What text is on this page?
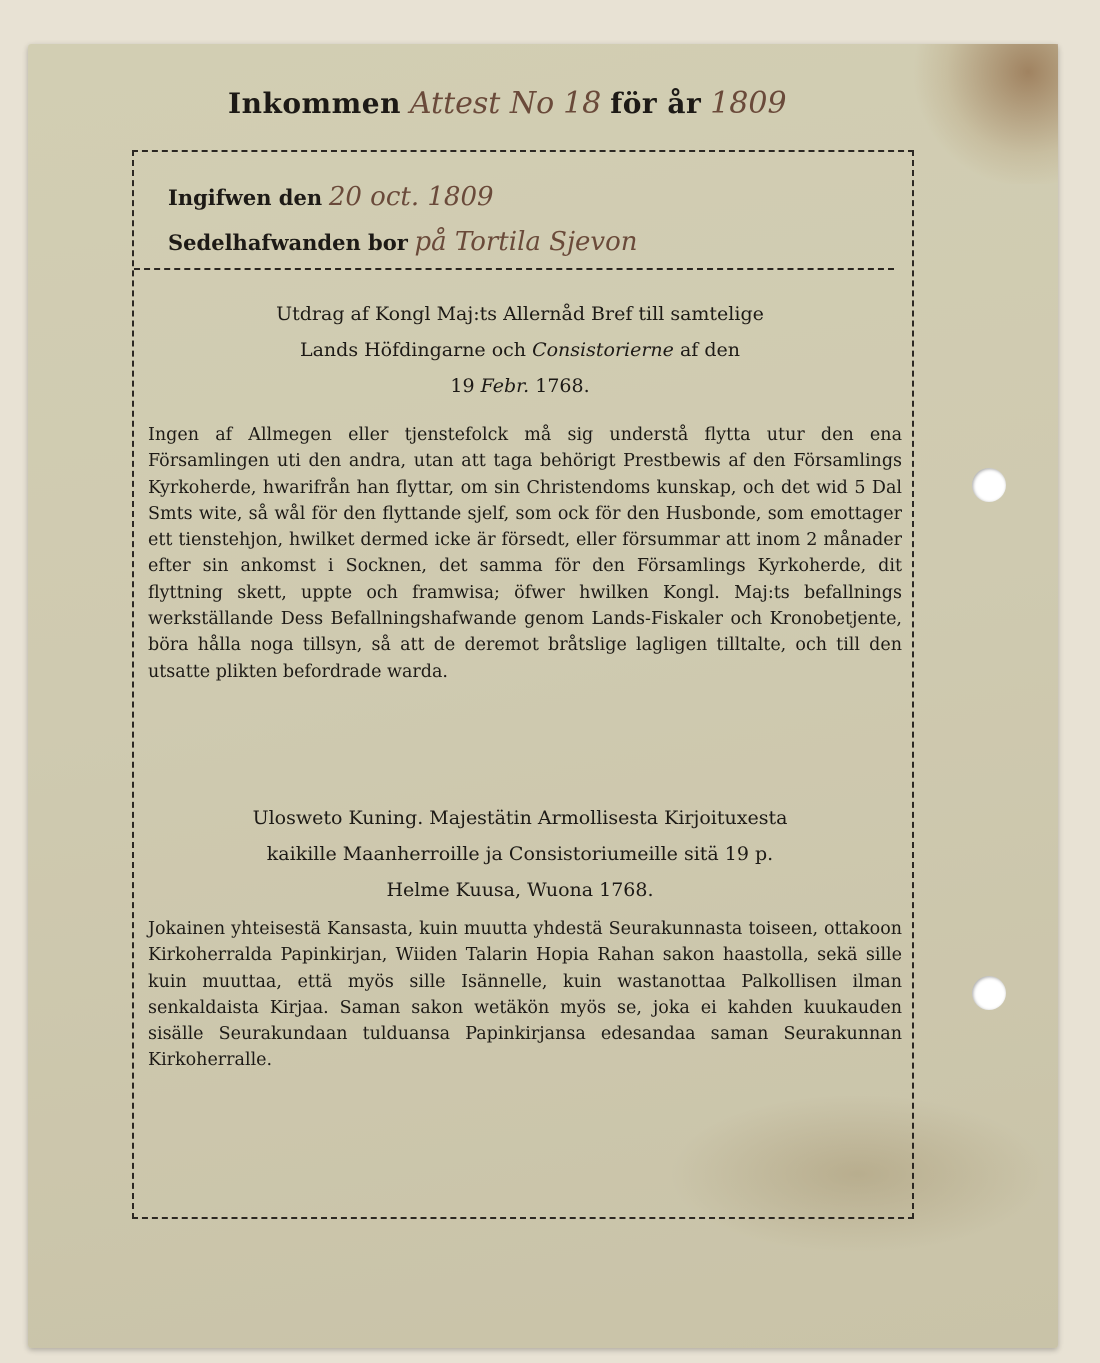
Inkommen Attest No 18 för år 1809
Ingifwen den 20 oct. 1809
Sedelhafwanden bor på Tortila Sjevon
Utdrag af Kongl Maj:ts Allernåd Bref till samtelige
Lands Höfdingarne och Consistorierne af den
19 Febr. 1768.

Ingen af Allmegen eller tjenstefolck må sig understå flytta utur den ena Församlingen uti den andra, utan att taga behörigt Prestbewis af den Församlings Kyrkoherde, hwarifrån han flyttar, om sin Christendoms kunskap, och det wid 5 Dal Smts wite, så wål för den flyttande sjelf, som ock för den Husbonde, som emottager ett tienstehjon, hwilket dermed icke är försedt, eller försummar att inom 2 månader efter sin ankomst i Socknen, det samma för den Församlings Kyrkoherde, dit flyttning skett, uppte och framwisa; öfwer hwilken Kongl. Maj:ts befallnings werkställande Dess Befallningshafwande genom Lands-Fiskaler och Kronobetjente, böra hålla noga tillsyn, så att de deremot bråtslige lagligen tilltalte, och till den utsatte plikten befordrade warda.

Ulosweto Kuning. Majestätin Armollisesta Kirjoituxesta
kaikille Maanherroille ja Consistoriumeille sitä 19 p.
Helme Kuusa, Wuona 1768.

Jokainen yhteisestä Kansasta, kuin muutta yhdestä Seurakunnasta toiseen, ottakoon Kirkoherralda Papinkirjan, Wiiden Talarin Hopia Rahan sakon haastolla, sekä sille kuin muuttaa, että myös sille Isännelle, kuin wastanottaa Palkollisen ilman senkaldaista Kirjaa. Saman sakon wetäkön myös se, joka ei kahden kuukauden sisälle Seurakundaan tulduansa Papinkirjansa edesandaa saman Seurakunnan Kirkoherralle.
